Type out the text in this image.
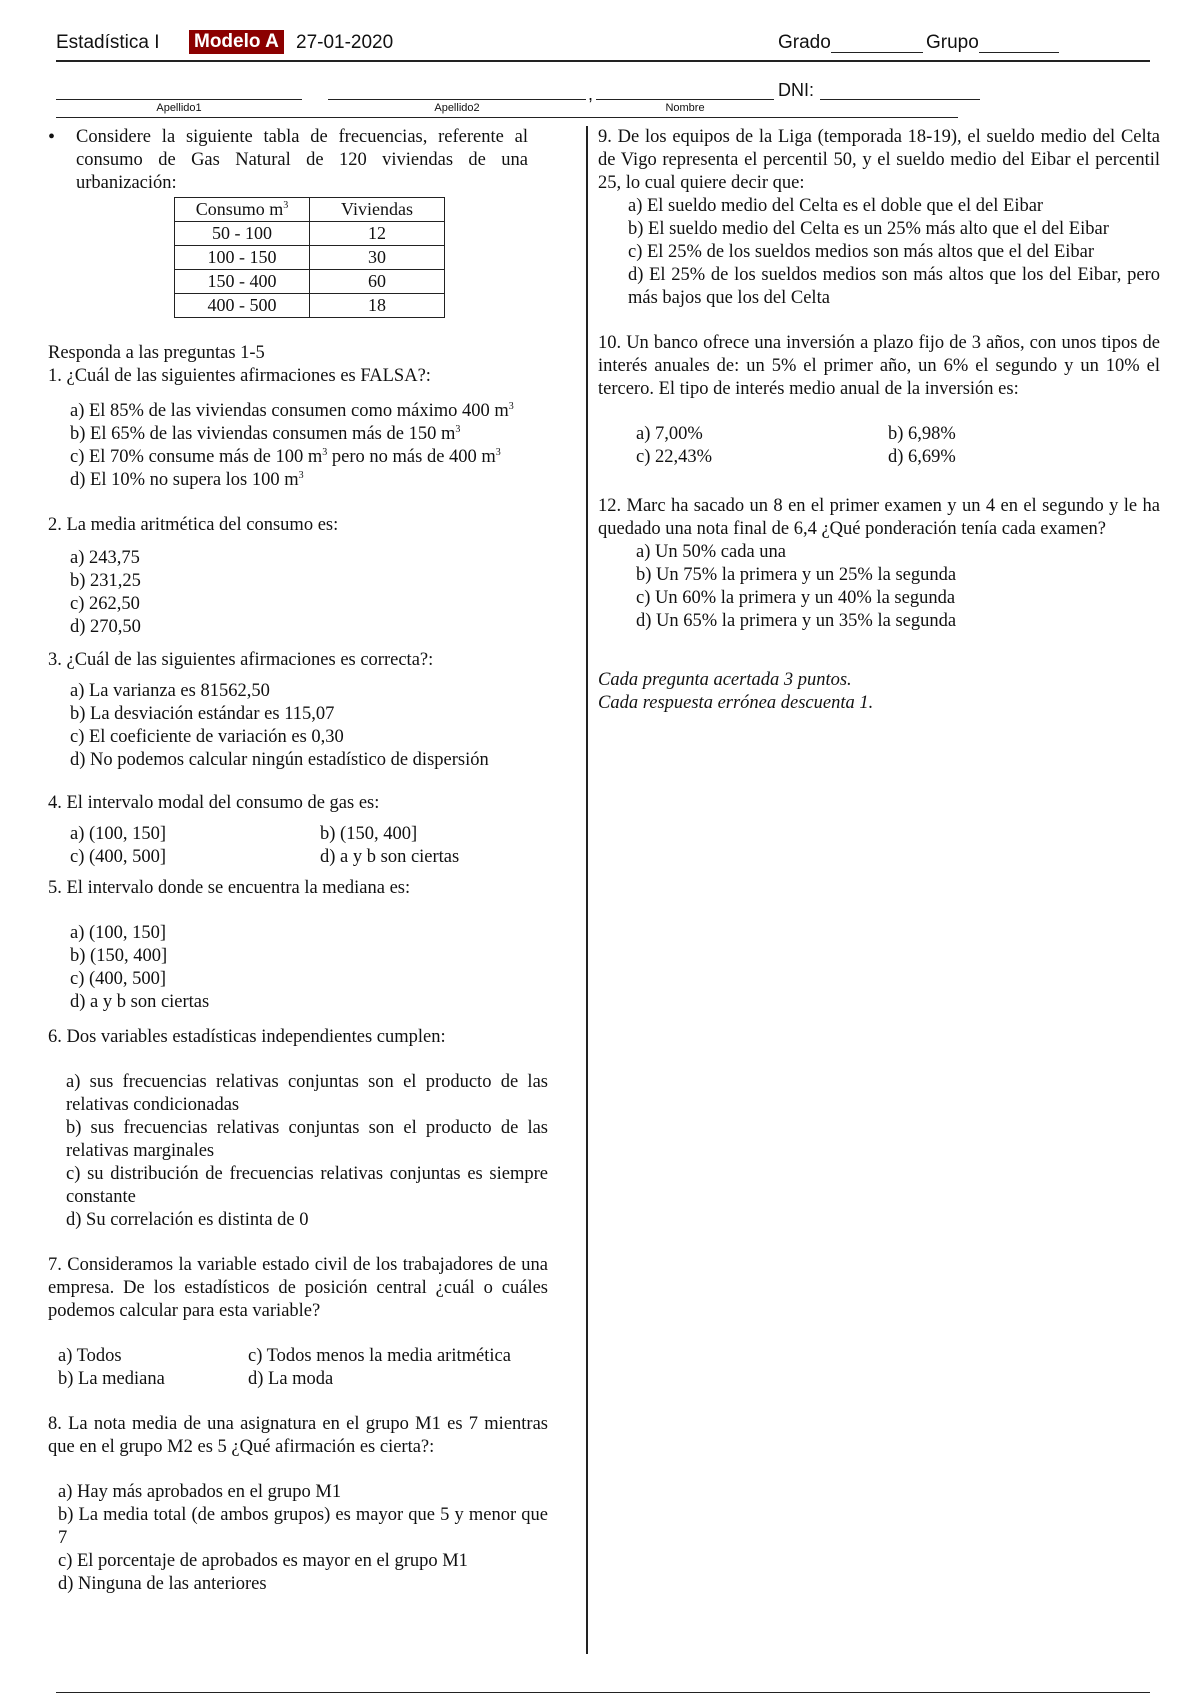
Estadística I Modelo A 27-01-2020	Grado	Grupo
,	DNI:
Apellido1	Apellido2	Nombre
• Considere la siguiente tabla de frecuencias, referente al consumo de Gas Natural de 120 viviendas de una urbanización:
Consumo $m^3$	Viviendas
50 - 100	12
100 - 150	30
150 - 400	60
400 - 500	18
Responda a las preguntas 1-5
1. ¿Cuál de las siguientes afirmaciones es FALSA?:
a) El 85% de las viviendas consumen como máximo 400 $m^3$
b) El 65% de las viviendas consumen más de 150 $m^3$
c) El 70% consume más de 100 $m^3$ pero no más de 400 $m^3$
d) El 10% no supera los 100 $m^3$
2. La media aritmética del consumo es:
a) 243,75
b) 231,25
c) 262,50
d) 270,50
3. ¿Cuál de las siguientes afirmaciones es correcta?:
a) La varianza es 81562,50
b) La desviación estándar es 115,07
c) El coeficiente de variación es 0,30
d) No podemos calcular ningún estadístico de dispersión
4. El intervalo modal del consumo de gas es:
a) (100, 150]	b) (150, 400]
c) (400, 500]	d) a y b son ciertas
5. El intervalo donde se encuentra la mediana es:
a) (100, 150]
b) (150, 400]
c) (400, 500]
d) a y b son ciertas
6. Dos variables estadísticas independientes cumplen:
a) sus frecuencias relativas conjuntas son el producto de las relativas condicionadas
b) sus frecuencias relativas conjuntas son el producto de las relativas marginales
c) su distribución de frecuencias relativas conjuntas es siempre constante
d) Su correlación es distinta de 0
7. Consideramos la variable estado civil de los trabajadores de una empresa. De los estadísticos de posición central ¿cuál o cuáles podemos calcular para esta variable?
a) Todos	c) Todos menos la media aritmética
b) La mediana	d) La moda
8. La nota media de una asignatura en el grupo M1 es 7 mientras que en el grupo M2 es 5 ¿Qué afirmación es cierta?:
a) Hay más aprobados en el grupo M1
b) La media total (de ambos grupos) es mayor que 5 y menor que 7
c) El porcentaje de aprobados es mayor en el grupo M1
d) Ninguna de las anteriores
9. De los equipos de la Liga (temporada 18-19), el sueldo medio del Celta de Vigo representa el percentil 50, y el sueldo medio del Eibar el percentil 25, lo cual quiere decir que:
a) El sueldo medio del Celta es el doble que el del Eibar
b) El sueldo medio del Celta es un 25% más alto que el del Eibar
c) El 25% de los sueldos medios son más altos que el del Eibar
d) El 25% de los sueldos medios son más altos que los del Eibar, pero más bajos que los del Celta
10. Un banco ofrece una inversión a plazo fijo de 3 años, con unos tipos de interés anuales de: un 5% el primer año, un 6% el segundo y un 10% el tercero. El tipo de interés medio anual de la inversión es:
a) 7,00%	b) 6,98%
c) 22,43%	d) 6,69%
12. Marc ha sacado un 8 en el primer examen y un 4 en el segundo y le ha quedado una nota final de 6,4 ¿Qué ponderación tenía cada examen?
a) Un 50% cada una
b) Un 75% la primera y un 25% la segunda
c) Un 60% la primera y un 40% la segunda
d) Un 65% la primera y un 35% la segunda
Cada pregunta acertada 3 puntos.
Cada respuesta errónea descuenta 1.
